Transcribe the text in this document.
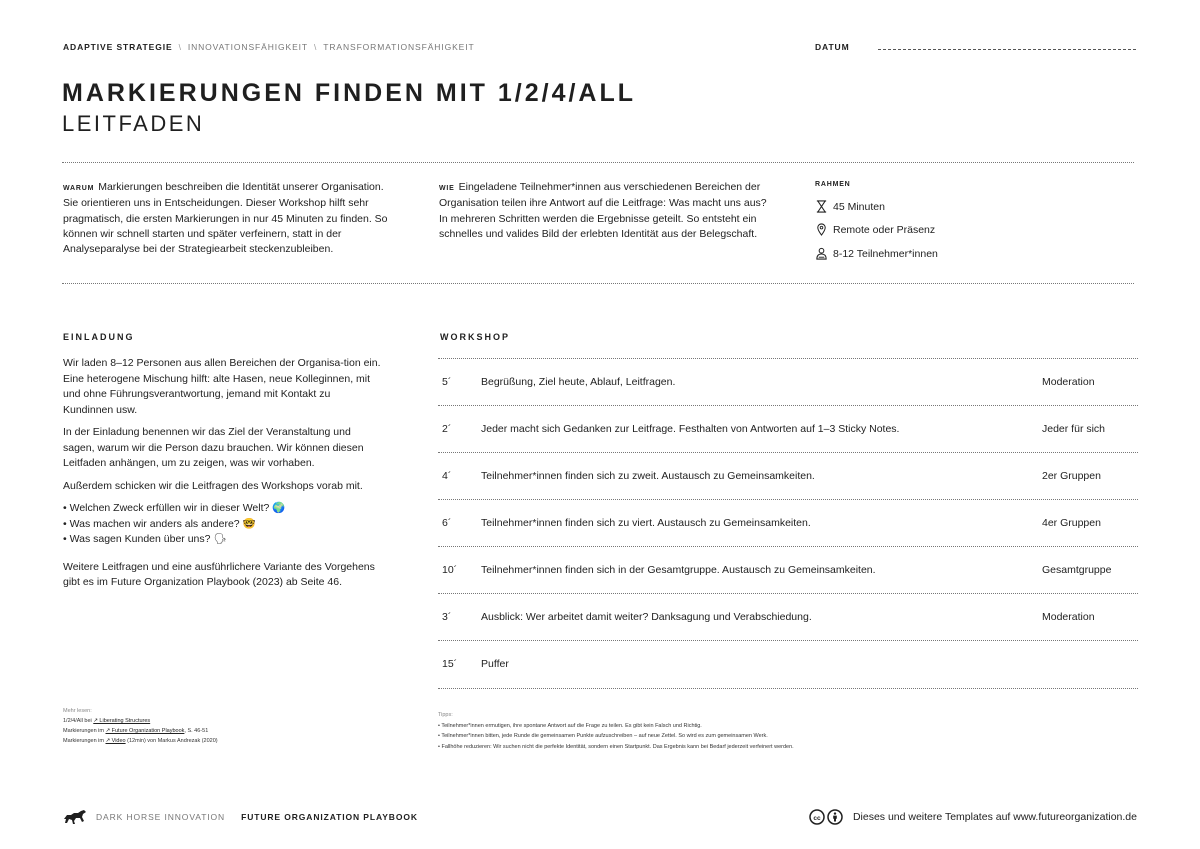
ADAPTIVE STRATEGIE \ INNOVATIONSFÄHIGKEIT \ TRANSFORMATIONSFÄHIGKEIT	DATUM
MARKIERUNGEN FINDEN MIT 1/2/4/ALL
LEITFADEN
WARUM Markierungen beschreiben die Identität unserer Organisation. Sie orientieren uns in Entscheidungen. Dieser Workshop hilft sehr pragmatisch, die ersten Markierungen in nur 45 Minuten zu finden. So können wir schnell starten und später verfeinern, statt in der Analyseparalyse bei der Strategiearbeit steckenzubleiben.
WIE Eingeladene Teilnehmer*innen aus verschiedenen Bereichen der Organisation teilen ihre Antwort auf die Leitfrage: Was macht uns aus? In mehreren Schritten werden die Ergebnisse geteilt. So entsteht ein schnelles und valides Bild der erlebten Identität aus der Belegschaft.
RAHMEN
45 Minuten
Remote oder Präsenz
8-12 Teilnehmer*innen
EINLADUNG

Wir laden 8–12 Personen aus allen Bereichen der Organisa-tion ein. Eine heterogene Mischung hilft: alte Hasen, neue Kolleginnen, mit und ohne Führungsverantwortung, jemand mit Kontakt zu Kundinnen usw.

In der Einladung benennen wir das Ziel der Veranstaltung und sagen, warum wir die Person dazu brauchen. Wir können diesen Leitfaden anhängen, um zu zeigen, was wir vorhaben.

Außerdem schicken wir die Leitfragen des Workshops vorab mit.

• Welchen Zweck erfüllen wir in dieser Welt? 🌍
• Was machen wir anders als andere? 🤓
• Was sagen Kunden über uns? 🗣

Weitere Leitfragen und eine ausführlichere Variante des Vorgehens gibt es im Future Organization Playbook (2023) ab Seite 46.

Mehr lesen:
1/2/4/All bei ↗ Liberating Structures
Markierungen im ↗ Future Organization Playbook, S. 46-51
Markierungen im ↗ Video (12min) von Markus Andrezak (2020)
WORKSHOP
5´	Begrüßung, Ziel heute, Ablauf, Leitfragen.	Moderation
2´	Jeder macht sich Gedanken zur Leitfrage. Festhalten von Antworten auf 1–3 Sticky Notes.	Jeder für sich
4´	Teilnehmer*innen finden sich zu zweit. Austausch zu Gemeinsamkeiten.	2er Gruppen
6´	Teilnehmer*innen finden sich zu viert. Austausch zu Gemeinsamkeiten.	4er Gruppen
10´	Teilnehmer*innen finden sich in der Gesamtgruppe. Austausch zu Gemeinsamkeiten.	Gesamtgruppe
3´	Ausblick: Wer arbeitet damit weiter? Danksagung und Verabschiedung.	Moderation
15´	Puffer
Tipps:
• Teilnehmer*innen ermutigen, ihre spontane Antwort auf die Frage zu teilen. Es gibt kein Falsch und Richtig.
• Teilnehmer*innen bitten, jede Runde die gemeinsamen Punkte aufzuschreiben – auf neue Zettel. So wird es zum gemeinsamen Werk.
• Fallhöhe reduzieren: Wir suchen nicht die perfekte Identität, sondern einen Startpunkt. Das Ergebnis kann bei Bedarf jederzeit verfeinert werden.
DARK HORSE INNOVATION FUTURE ORGANIZATION PLAYBOOK	cc	Dieses und weitere Templates auf www.futureorganization.de
